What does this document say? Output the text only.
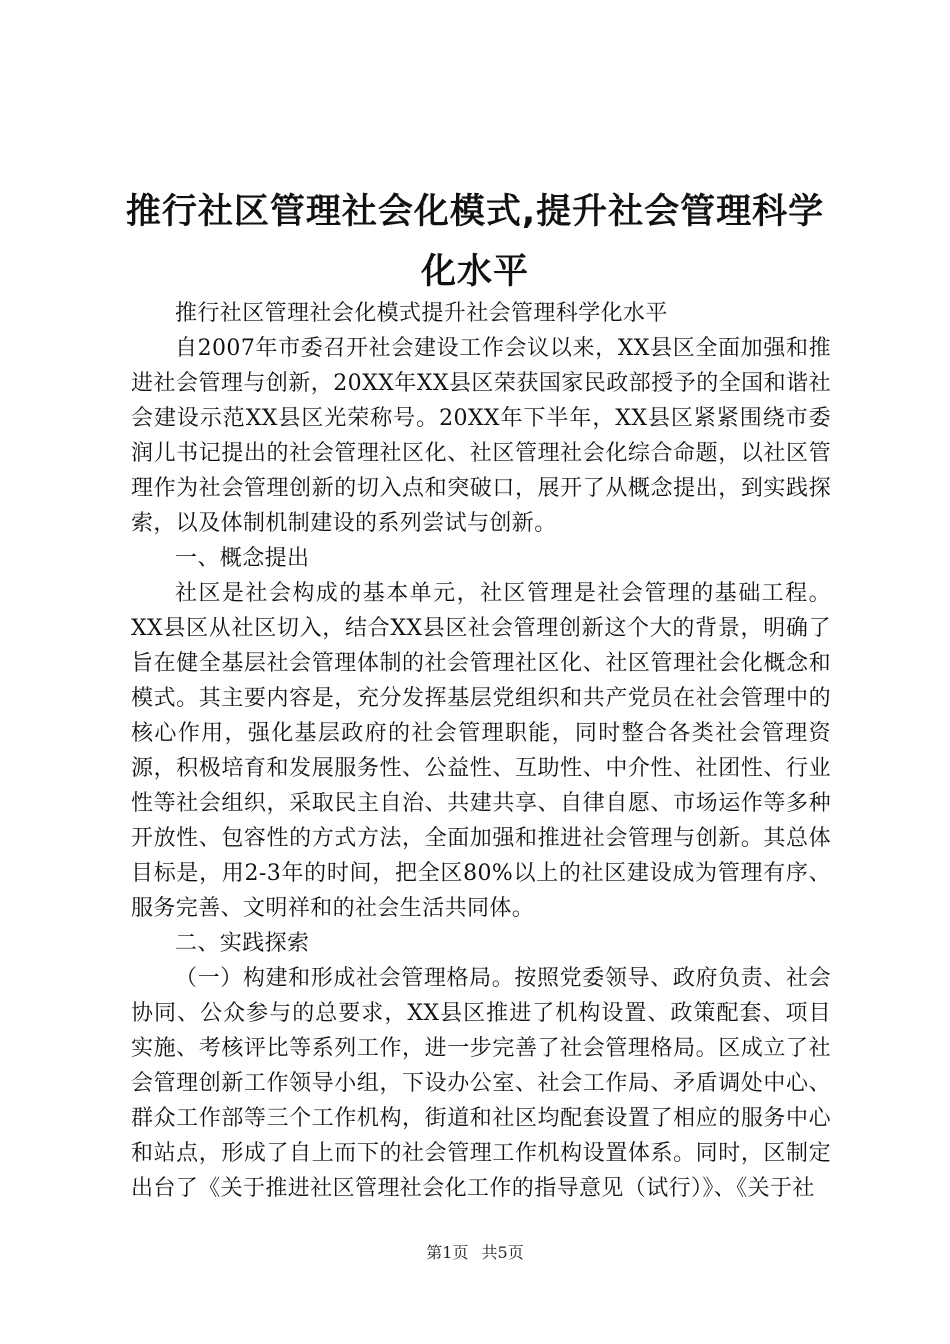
推行社区管理社会化模式,提升社会管理科学化水平

推行社区管理社会化模式提升社会管理科学化水平

自2007年市委召开社会建设工作会议以来，XX县区全面加强和推进社会管理与创新，20XX年XX县区荣获国家民政部授予的全国和谐社会建设示范XX县区光荣称号。20XX年下半年，XX县区紧紧围绕市委润儿书记提出的社会管理社区化、社区管理社会化综合命题，以社区管理作为社会管理创新的切入点和突破口，展开了从概念提出，到实践探索，以及体制机制建设的系列尝试与创新。

一、概念提出

社区是社会构成的基本单元，社区管理是社会管理的基础工程。XX县区从社区切入，结合XX县区社会管理创新这个大的背景，明确了旨在健全基层社会管理体制的社会管理社区化、社区管理社会化概念和模式。其主要内容是，充分发挥基层党组织和共产党员在社会管理中的核心作用，强化基层政府的社会管理职能，同时整合各类社会管理资源，积极培育和发展服务性、公益性、互助性、中介性、社团性、行业性等社会组织，采取民主自治、共建共享、自律自愿、市场运作等多种开放性、包容性的方式方法，全面加强和推进社会管理与创新。其总体目标是，用2-3年的时间，把全区80%以上的社区建设成为管理有序、服务完善、文明祥和的社会生活共同体。

二、实践探索

（一）构建和形成社会管理格局。按照党委领导、政府负责、社会协同、公众参与的总要求，XX县区推进了机构设置、政策配套、项目实施、考核评比等系列工作，进一步完善了社会管理格局。区成立了社会管理创新工作领导小组，下设办公室、社会工作局、矛盾调处中心、群众工作部等三个工作机构，街道和社区均配套设置了相应的服务中心和站点，形成了自上而下的社会管理工作机构设置体系。同时，区制定出台了《关于推进社区管理社会化工作的指导意见（试行）》、《关于社

第1页 共5页
